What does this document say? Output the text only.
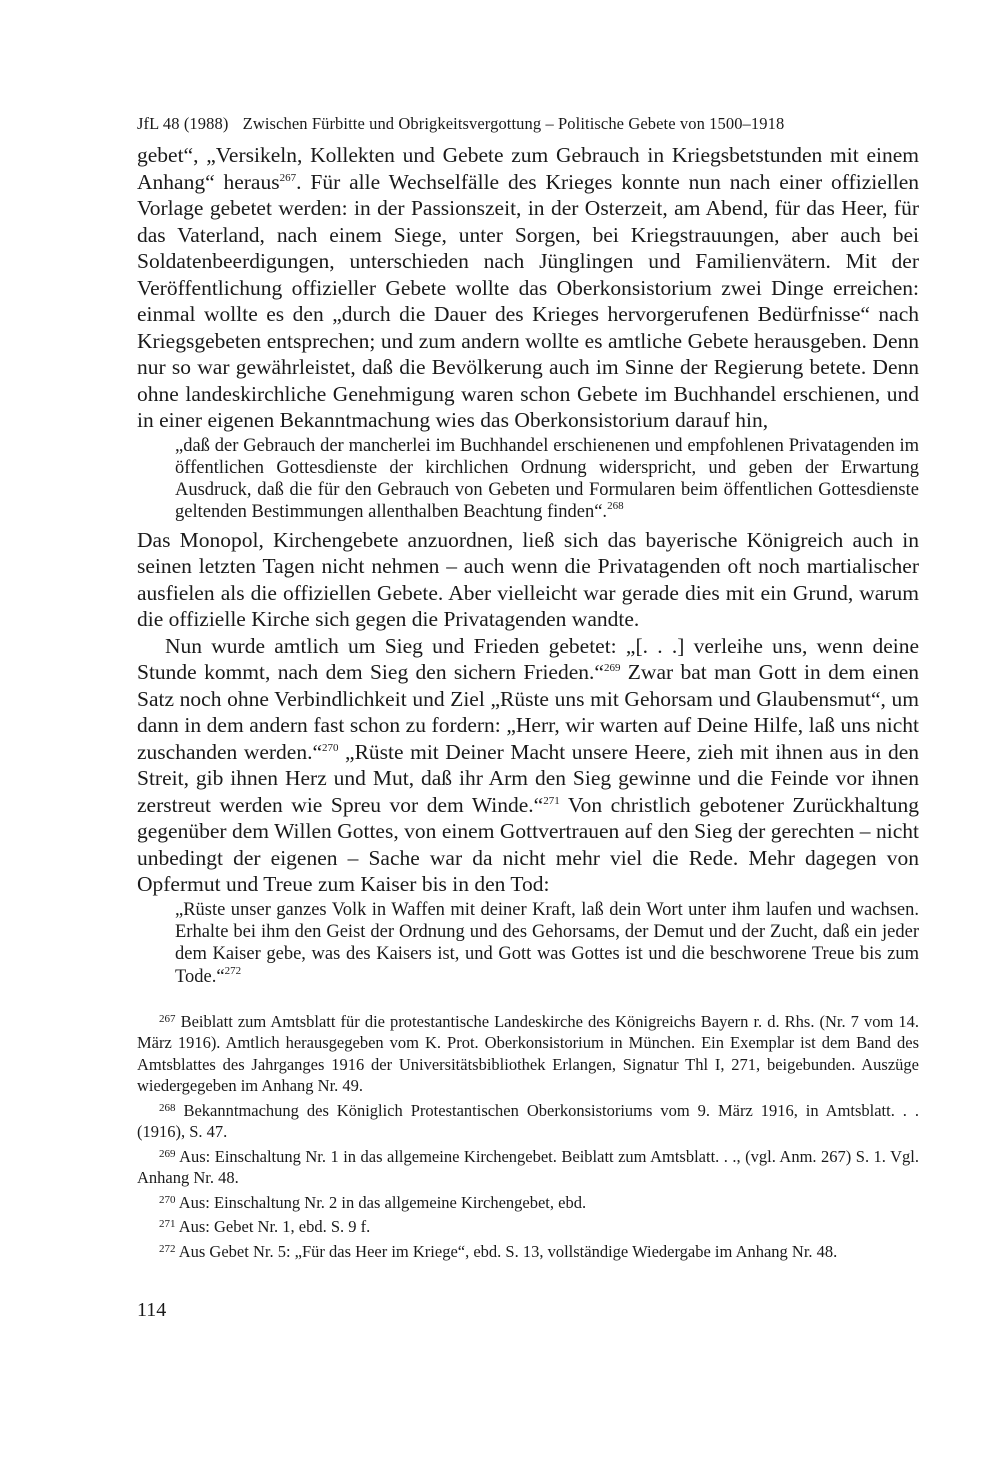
JfL 48 (1988) Zwischen Fürbitte und Obrigkeitsvergottung – Politische Gebete von 1500–1918

gebet“, „Versikeln, Kollekten und Gebete zum Gebrauch in Kriegsbetstunden mit einem Anhang“ heraus$^{267}$. Für alle Wechselfälle des Krieges konnte nun nach einer offiziellen Vorlage gebetet werden: in der Passionszeit, in der Osterzeit, am Abend, für das Heer, für das Vaterland, nach einem Siege, unter Sorgen, bei Kriegstrauungen, aber auch bei Soldatenbeerdigungen, unterschieden nach Jünglingen und Familienvätern. Mit der Veröffentlichung offizieller Gebete wollte das Oberkonsistorium zwei Dinge erreichen: einmal wollte es den „durch die Dauer des Krieges hervorgerufenen Bedürfnisse“ nach Kriegsgebeten entsprechen; und zum andern wollte es amtliche Gebete herausgeben. Denn nur so war gewährleistet, daß die Bevölkerung auch im Sinne der Regierung betete. Denn ohne landeskirchliche Genehmigung waren schon Gebete im Buchhandel erschienen, und in einer eigenen Bekanntmachung wies das Oberkonsistorium darauf hin,

„daß der Gebrauch der mancherlei im Buchhandel erschienenen und empfohlenen Privatagenden im öffentlichen Gottesdienste der kirchlichen Ordnung widerspricht, und geben der Erwartung Ausdruck, daß die für den Gebrauch von Gebeten und Formularen beim öffentlichen Gottesdienste geltenden Bestimmungen allenthalben Beachtung finden“.$^{268}$

Das Monopol, Kirchengebete anzuordnen, ließ sich das bayerische Königreich auch in seinen letzten Tagen nicht nehmen – auch wenn die Privatagenden oft noch martialischer ausfielen als die offiziellen Gebete. Aber vielleicht war gerade dies mit ein Grund, warum die offizielle Kirche sich gegen die Privatagenden wandte.

Nun wurde amtlich um Sieg und Frieden gebetet: „[. . .] verleihe uns, wenn deine Stunde kommt, nach dem Sieg den sichern Frieden.“$^{269}$ Zwar bat man Gott in dem einen Satz noch ohne Verbindlichkeit und Ziel „Rüste uns mit Gehorsam und Glaubensmut“, um dann in dem andern fast schon zu fordern: „Herr, wir warten auf Deine Hilfe, laß uns nicht zuschanden werden.“$^{270}$ „Rüste mit Deiner Macht unsere Heere, zieh mit ihnen aus in den Streit, gib ihnen Herz und Mut, daß ihr Arm den Sieg gewinne und die Feinde vor ihnen zerstreut werden wie Spreu vor dem Winde.“$^{271}$ Von christlich gebotener Zurückhaltung gegenüber dem Willen Gottes, von einem Gottvertrauen auf den Sieg der gerechten – nicht unbedingt der eigenen – Sache war da nicht mehr viel die Rede. Mehr dagegen von Opfermut und Treue zum Kaiser bis in den Tod:

„Rüste unser ganzes Volk in Waffen mit deiner Kraft, laß dein Wort unter ihm laufen und wachsen. Erhalte bei ihm den Geist der Ordnung und des Gehorsams, der Demut und der Zucht, daß ein jeder dem Kaiser gebe, was des Kaisers ist, und Gott was Gottes ist und die beschworene Treue bis zum Tode.“$^{272}$

$^{267}$ Beiblatt zum Amtsblatt für die protestantische Landeskirche des Königreichs Bayern r. d. Rhs. (Nr. 7 vom 14. März 1916). Amtlich herausgegeben vom K. Prot. Oberkonsistorium in München. Ein Exemplar ist dem Band des Amtsblattes des Jahrganges 1916 der Universitätsbibliothek Erlangen, Signatur Thl I, 271, beigebunden. Auszüge wiedergegeben im Anhang Nr. 49.

$^{268}$ Bekanntmachung des Königlich Protestantischen Oberkonsistoriums vom 9. März 1916, in Amtsblatt. . . (1916), S. 47.

$^{269}$ Aus: Einschaltung Nr. 1 in das allgemeine Kirchengebet. Beiblatt zum Amtsblatt. . ., (vgl. Anm. 267) S. 1. Vgl. Anhang Nr. 48.

$^{270}$ Aus: Einschaltung Nr. 2 in das allgemeine Kirchengebet, ebd.

$^{271}$ Aus: Gebet Nr. 1, ebd. S. 9 f.

$^{272}$ Aus Gebet Nr. 5: „Für das Heer im Kriege“, ebd. S. 13, vollständige Wiedergabe im Anhang Nr. 48.

114
